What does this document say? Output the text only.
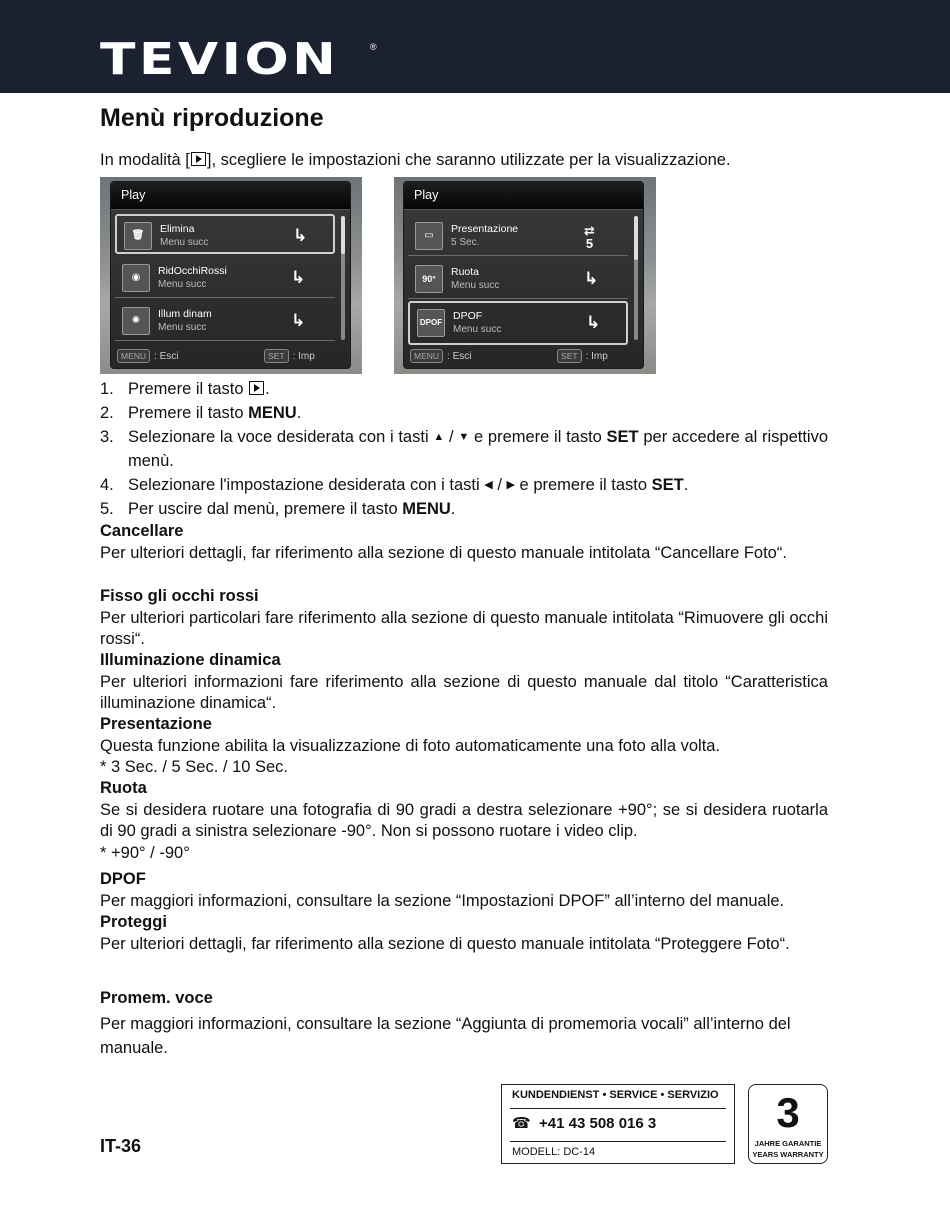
TEVION	®
Menù riproduzione
In modalità [ ], scegliere le impostazioni che saranno utilizzate per la visualizzazione.
Play
🗑
Elimina
Menu succ	↳
◉
RidOcchiRossi
Menu succ	↳
✺
Illum dinam
Menu succ	↳
MENU : Esci	SET : Imp
Play
▭
Presentazione
5 Sec.
⇄
5
90°
Ruota
Menu succ	↳
DPOF
DPOF
Menu succ	↳
MENU : Esci	SET : Imp
1. Premere il tasto .
2. Premere il tasto MENU.
3. Selezionare la voce desiderata con i tasti ▲ / ▼ e premere il tasto SET per accedere al rispettivo menù.
4. Selezionare l'impostazione desiderata con i tasti ◀ / ▶ e premere il tasto SET.
5. Per uscire dal menù, premere il tasto MENU.
Cancellare

Per ulteriori dettagli, far riferimento alla sezione di questo manuale intitolata “Cancellare Foto“.

Fisso gli occhi rossi

Per ulteriori particolari fare riferimento alla sezione di questo manuale intitolata “Rimuovere gli occhi rossi“.

Illuminazione dinamica

Per ulteriori informazioni fare riferimento alla sezione di questo manuale dal titolo “Caratteristica illuminazione dinamica“.

Presentazione

Questa funzione abilita la visualizzazione di foto automaticamente una foto alla volta.

* 3 Sec. / 5 Sec. / 10 Sec.

Ruota

Se si desidera ruotare una fotografia di 90 gradi a destra selezionare +90°; se si desidera ruotarla di 90 gradi a sinistra selezionare -90°. Non si possono ruotare i video clip.

* +90° / -90°

DPOF

Per maggiori informazioni, consultare la sezione “Impostazioni DPOF” all’interno del manuale.

Proteggi

Per ulteriori dettagli, far riferimento alla sezione di questo manuale intitolata “Proteggere Foto“.

Promem. voce

Per maggiori informazioni, consultare la sezione “Aggiunta di promemoria vocali” all’interno del manuale.

IT-36
KUNDENDIENST • SERVICE • SERVIZIO
☎ +41 43 508 016 3
MODELL: DC-14
3
JAHRE GARANTIE
YEARS WARRANTY
